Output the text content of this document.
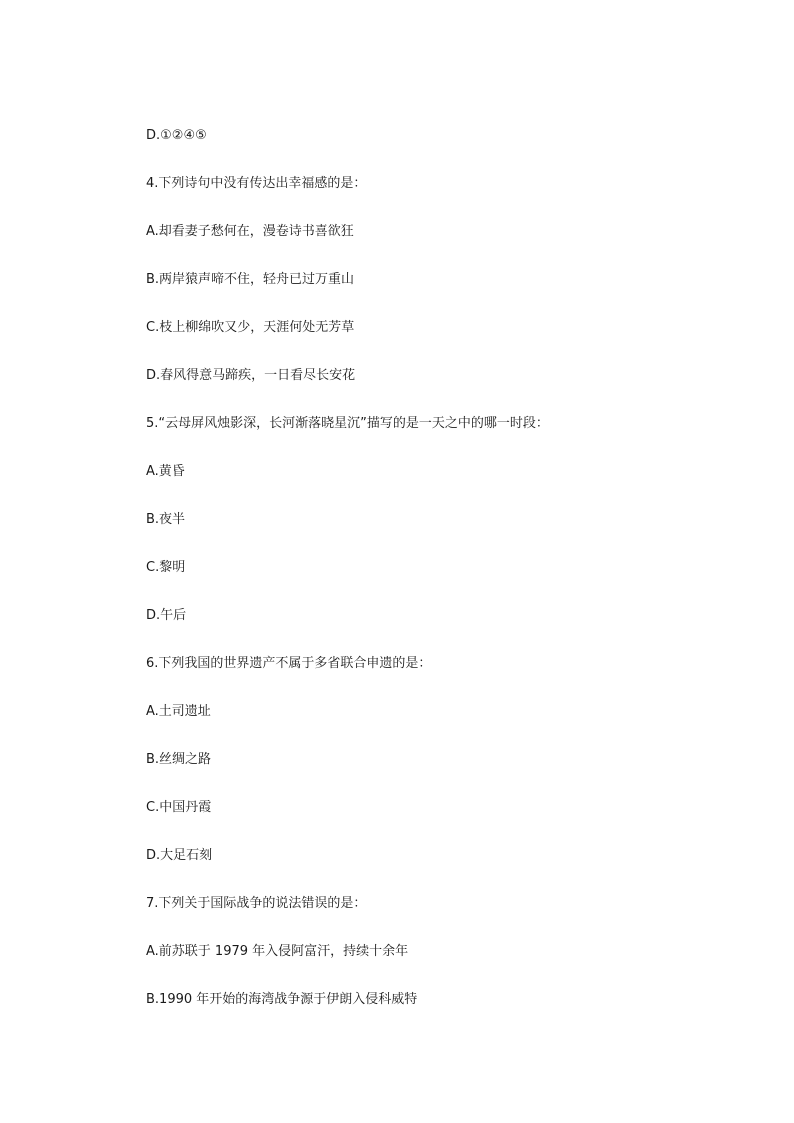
D.①②④⑤
4.下列诗句中没有传达出幸福感的是：
A.却看妻子愁何在，漫卷诗书喜欲狂
B.两岸猿声啼不住，轻舟已过万重山
C.枝上柳绵吹又少，天涯何处无芳草
D.春风得意马蹄疾，一日看尽长安花
5.“云母屏风烛影深，长河渐落晓星沉”描写的是一天之中的哪一时段：
A.黄昏
B.夜半
C.黎明
D.午后
6.下列我国的世界遗产不属于多省联合申遗的是：
A.土司遗址
B.丝绸之路
C.中国丹霞
D.大足石刻
7.下列关于国际战争的说法错误的是：
A.前苏联于 1979 年入侵阿富汗，持续十余年
B.1990 年开始的海湾战争源于伊朗入侵科威特
